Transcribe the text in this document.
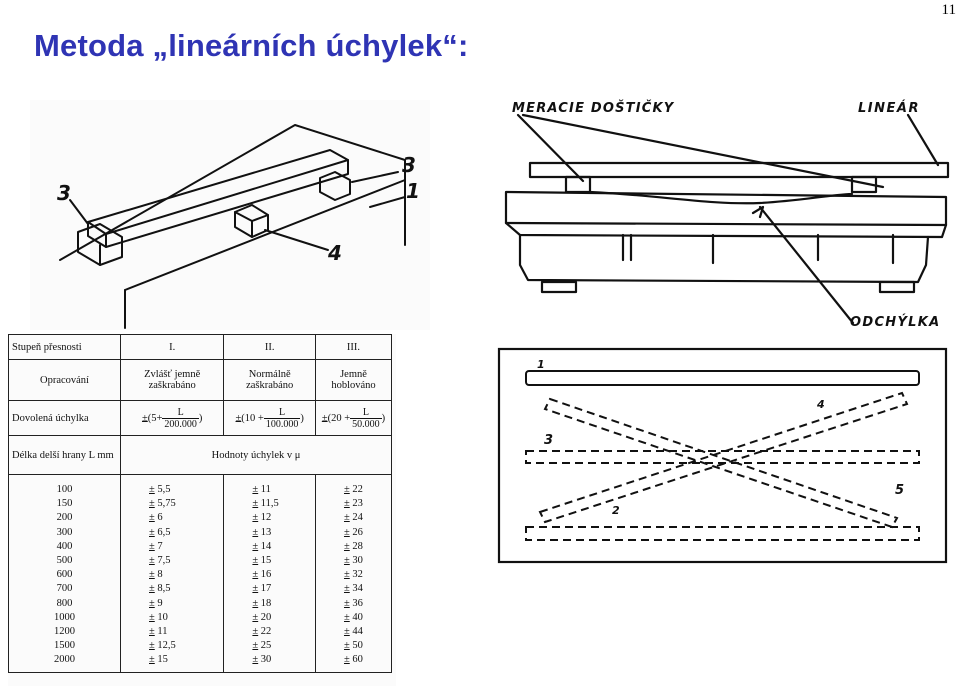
11
Metoda „lineárních úchylek“:
3
3
1
4
MERACIE DOŠTIČKY	LINEÁR
ODCHÝLKA
1
4
3
5
2
Stupeň přesnosti	I.	II.	III.
Opracování	Zvlášť jemně zaškrabáno	Normálně zaškrabáno	Jemně hoblováno
Dovolená úchylka	$\pm(5+ \frac{L}{200.000}$ )	$\pm(10 + \frac{L}{100.000}$ )	$\pm(20 + \frac{L}{50.000}$ )
Délka delší hrany L mm	Hodnoty úchylek v μ		
100	± 5,5	± 11	± 22
150	± 5,75	± 11,5	± 23
200	± 6	± 12	± 24
300	± 6,5	± 13	± 26
400	± 7	± 14	± 28
500	± 7,5	± 15	± 30
600	± 8	± 16	± 32
700	± 8,5	± 17	± 34
800	± 9	± 18	± 36
1000	± 10	± 20	± 40
1200	± 11	± 22	± 44
1500	± 12,5	± 25	± 50
2000	± 15	± 30	± 60
